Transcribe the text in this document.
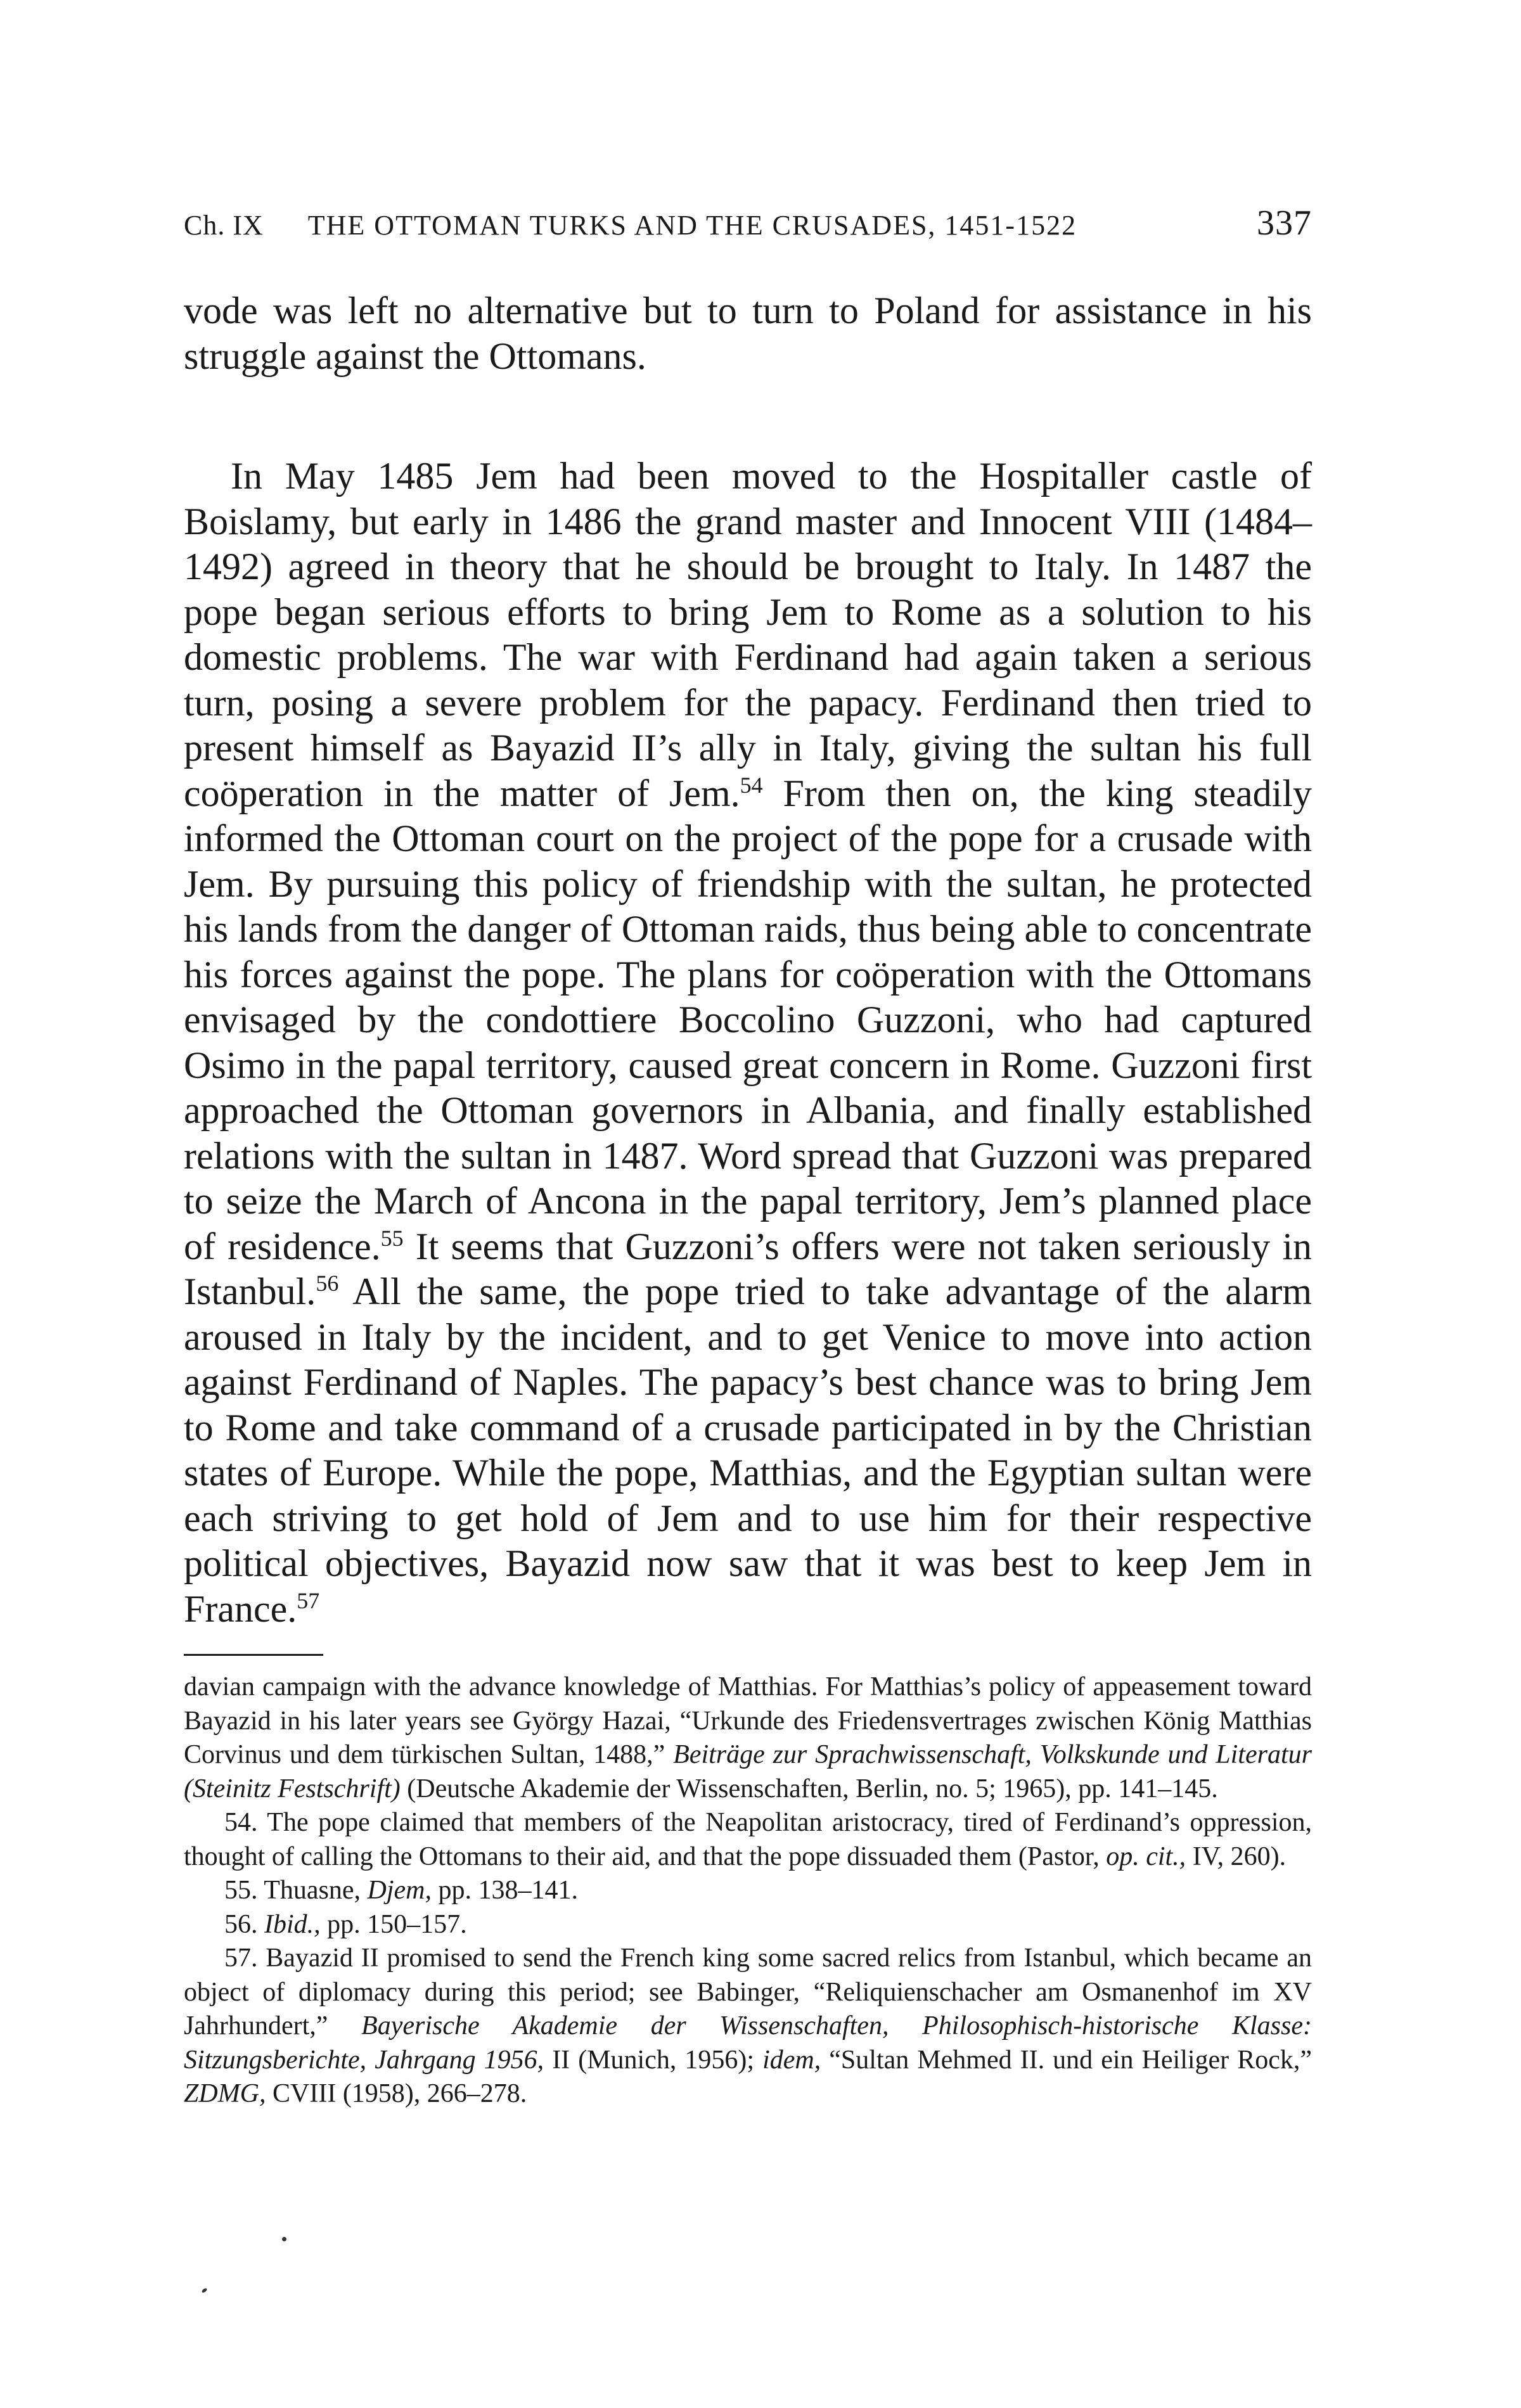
Ch. IX THE OTTOMAN TURKS AND THE CRUSADES, 1451-1522	337

vode was left no alternative but to turn to Poland for assistance in his struggle against the Ottomans.

In May 1485 Jem had been moved to the Hospitaller castle of Boislamy, but early in 1486 the grand master and Innocent VIII (1484–1492) agreed in theory that he should be brought to Italy. In 1487 the pope began serious efforts to bring Jem to Rome as a solution to his domestic problems. The war with Ferdinand had again taken a serious turn, posing a severe problem for the papacy. Ferdinand then tried to present himself as Bayazid II’s ally in Italy, giving the sultan his full coöperation in the matter of Jem.$^{54}$ From then on, the king steadily informed the Ottoman court on the project of the pope for a crusade with Jem. By pursuing this policy of friendship with the sultan, he protected his lands from the danger of Ottoman raids, thus being able to concentrate his forces against the pope. The plans for coöperation with the Ottomans envisaged by the condottiere Boccolino Guzzoni, who had captured Osimo in the papal territory, caused great concern in Rome. Guzzoni first approached the Ottoman governors in Albania, and finally established relations with the sultan in 1487. Word spread that Guzzoni was prepared to seize the March of Ancona in the papal territory, Jem’s planned place of residence.$^{55}$ It seems that Guzzoni’s offers were not taken seriously in Istanbul.$^{56}$ All the same, the pope tried to take advantage of the alarm aroused in Italy by the incident, and to get Venice to move into action against Ferdinand of Naples. The papacy’s best chance was to bring Jem to Rome and take command of a crusade participated in by the Christian states of Europe. While the pope, Matthias, and the Egyptian sultan were each striving to get hold of Jem and to use him for their respective political objectives, Bayazid now saw that it was best to keep Jem in France.$^{57}$

davian campaign with the advance knowledge of Matthias. For Matthias’s policy of appeasement toward Bayazid in his later years see György Hazai, “Urkunde des Friedensvertrages zwischen König Matthias Corvinus und dem türkischen Sultan, 1488,” Beiträge zur Sprachwissenschaft, Volkskunde und Literatur (Steinitz Festschrift) (Deutsche Akademie der Wissenschaften, Berlin, no. 5; 1965), pp. 141–145.

54. The pope claimed that members of the Neapolitan aristocracy, tired of Ferdinand’s oppression, thought of calling the Ottomans to their aid, and that the pope dissuaded them (Pastor, op. cit., IV, 260).

55. Thuasne, Djem, pp. 138–141.

56. Ibid., pp. 150–157.

57. Bayazid II promised to send the French king some sacred relics from Istanbul, which became an object of diplomacy during this period; see Babinger, “Reliquienschacher am Osmanenhof im XV Jahrhundert,” Bayerische Akademie der Wissenschaften, Philosophisch-historische Klasse: Sitzungsberichte, Jahrgang 1956, II (Munich, 1956); idem, “Sultan Mehmed II. und ein Heiliger Rock,” ZDMG, CVIII (1958), 266–278.
